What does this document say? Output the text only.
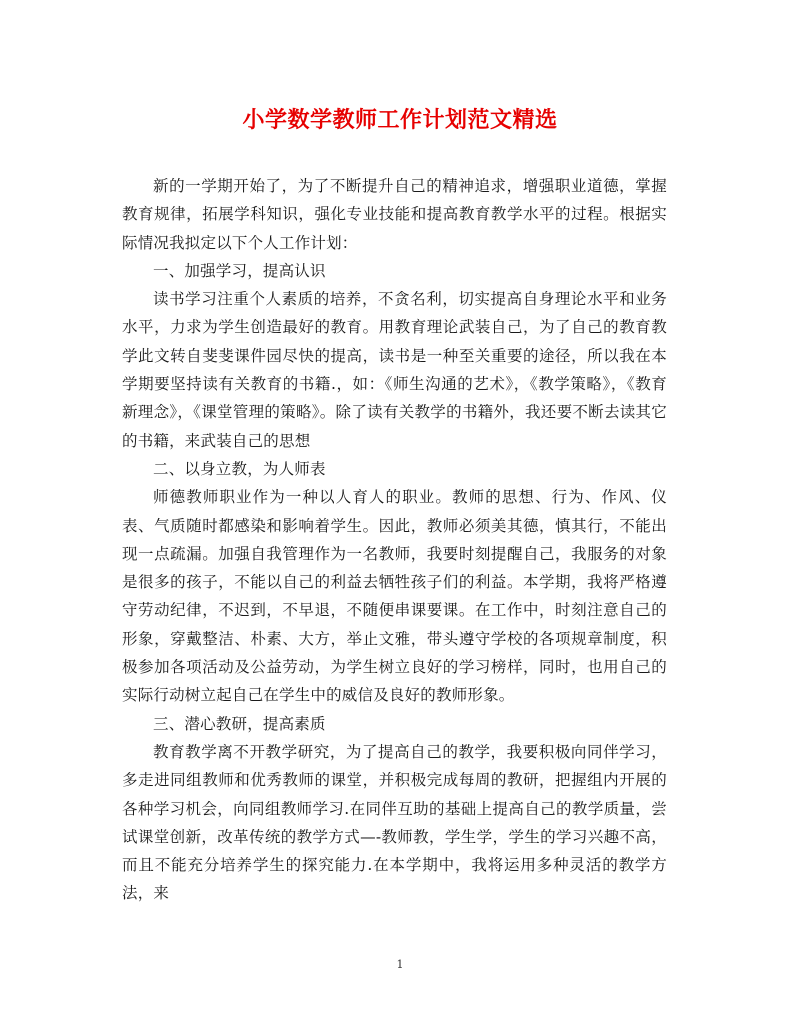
小学数学教师工作计划范文精选

新的一学期开始了，为了不断提升自己的精神追求，增强职业道德，掌握教育规律，拓展学科知识，强化专业技能和提高教育教学水平的过程。根据实际情况我拟定以下个人工作计划：

一、加强学习，提高认识

读书学习注重个人素质的培养，不贪名利，切实提高自身理论水平和业务水平，力求为学生创造最好的教育。用教育理论武装自己，为了自己的教育教学此文转自斐斐课件园尽快的提高，读书是一种至关重要的途径，所以我在本学期要坚持读有关教育的书籍.，如：《师生沟通的艺术》，《教学策略》，《教育新理念》，《课堂管理的策略》。除了读有关教学的书籍外，我还要不断去读其它的书籍，来武装自己的思想

二、以身立教，为人师表

师德教师职业作为一种以人育人的职业。教师的思想、行为、作风、仪表、气质随时都感染和影响着学生。因此，教师必须美其德，慎其行，不能出现一点疏漏。加强自我管理作为一名教师，我要时刻提醒自己，我服务的对象是很多的孩子，不能以自己的利益去牺牲孩子们的利益。本学期，我将严格遵守劳动纪律，不迟到，不早退，不随便串课要课。在工作中，时刻注意自己的形象，穿戴整洁、朴素、大方，举止文雅，带头遵守学校的各项规章制度，积极参加各项活动及公益劳动，为学生树立良好的学习榜样，同时，也用自己的实际行动树立起自己在学生中的威信及良好的教师形象。

三、潜心教研，提高素质

教育教学离不开教学研究，为了提高自己的教学，我要积极向同伴学习，多走进同组教师和优秀教师的课堂，并积极完成每周的教研，把握组内开展的各种学习机会，向同组教师学习.在同伴互助的基础上提高自己的教学质量，尝试课堂创新，改革传统的教学方式—-教师教，学生学，学生的学习兴趣不高，而且不能充分培养学生的探究能力.在本学期中，我将运用多种灵活的教学方法，来

1
